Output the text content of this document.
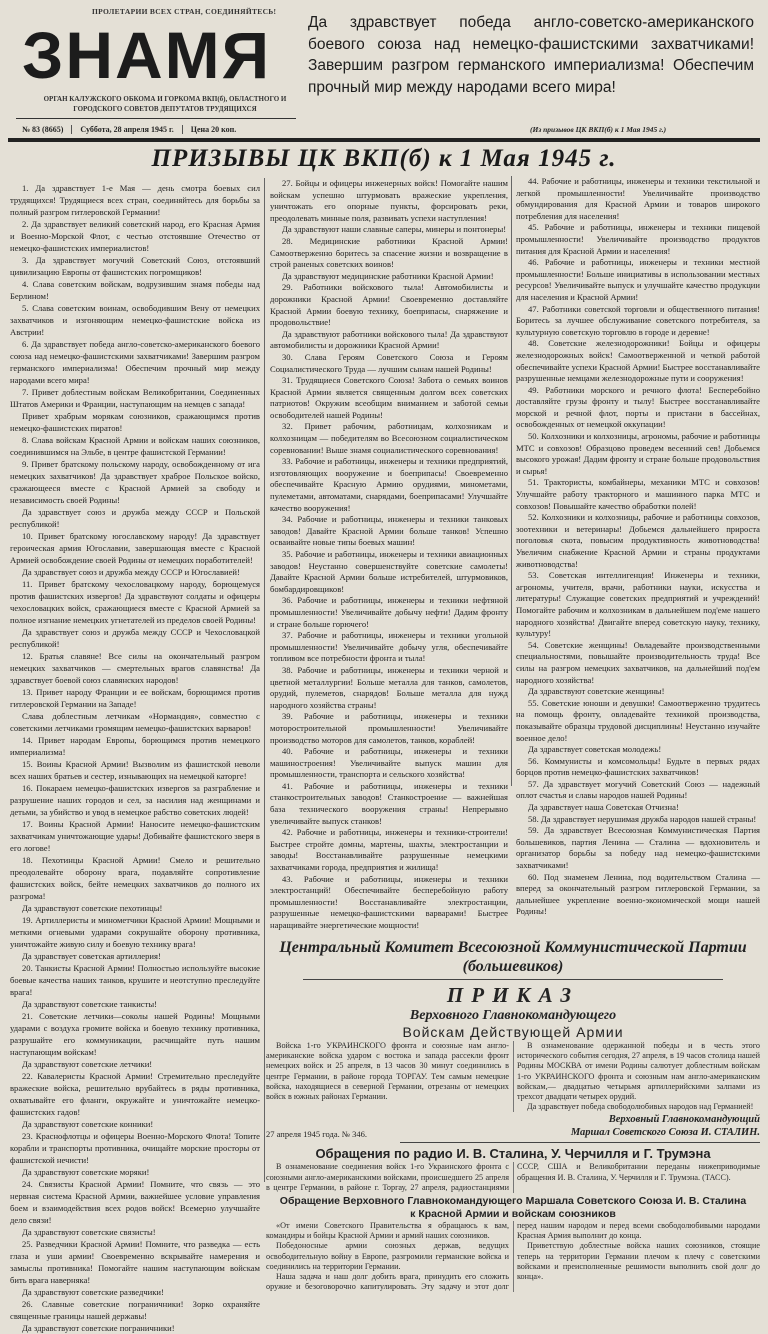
ПРОЛЕТАРИИ ВСЕХ СТРАН, СОЕДИНЯЙТЕСЬ!
ЗНАМЯ
ОРГАН КАЛУЖСКОГО ОБКОМА И ГОРКОМА ВКП(б), ОБЛАСТНОГО И ГОРОДСКОГО СОВЕТОВ ДЕПУТАТОВ ТРУДЯЩИХСЯ
№ 83 (8665)	Суббота, 28 апреля 1945 г.	Цена 20 коп.
Да здравствует победа англо-советско-американского боевого союза над немецко-фашистскими захватчиками! Завершим разгром германского империализма! Обеспечим прочный мир между народами всего мира!
(Из призывов ЦК ВКП(б) к 1 Мая 1945 г.)
ПРИЗЫВЫ ЦК ВКП(б) к 1 Мая 1945 г.

1. Да здравствует 1-е Мая — день смотра боевых сил трудящихся! Трудящиеся всех стран, соединяйтесь для борьбы за полный разгром гитлеровской Германии!

2. Да здравствует великий советский народ, его Красная Армия и Военно-Морской Флот, с честью отстоявшие Отечество от немецко-фашистских империалистов!

3. Да здравствует могучий Советский Союз, отстоявший цивилизацию Европы от фашистских погромщиков!

4. Слава советским войскам, водрузившим знамя победы над Берлином!

5. Слава советским воинам, освободившим Вену от немецких захватчиков и изгоняющим немецко-фашистские войска из Австрии!

6. Да здравствует победа англо-советско-американского боевого союза над немецко-фашистскими захватчиками! Завершим разгром германского империализма! Обеспечим прочный мир между народами всего мира!

7. Привет доблестным войскам Великобритании, Соединенных Штатов Америки и Франции, наступающим на немцев с запада!

Привет храбрым морякам союзников, сражающимся против немецко-фашистских пиратов!

8. Слава войскам Красной Армии и войскам наших союзников, соединившимся на Эльбе, в центре фашистской Германии!

9. Привет братскому польскому народу, освобожденному от ига немецких захватчиков! Да здравствует храброе Польское войско, сражающееся вместе с Красной Армией за свободу и независимость своей Родины!

Да здравствует союз и дружба между СССР и Польской республикой!

10. Привет братскому югославскому народу! Да здравствует героическая армия Югославии, завершающая вместе с Красной Армией освобождение своей Родины от немецких поработителей!

Да здравствует союз и дружба между СССР и Югославией!

11. Привет братскому чехословацкому народу, борющемуся против фашистских извергов! Да здравствуют солдаты и офицеры чехословацких войск, сражающиеся вместе с Красной Армией за полное изгнание немецких угнетателей из пределов своей Родины!

Да здравствует союз и дружба между СССР и Чехословацкой республикой!

12. Братья славяне! Все силы на окончательный разгром немецких захватчиков — смертельных врагов славянства! Да здравствует боевой союз славянских народов!

13. Привет народу Франции и ее войскам, борющимся против гитлеровской Германии на Западе!

Слава доблестным летчикам «Нормандия», совместно с советскими летчиками громящим немецко-фашистских варваров!

14. Привет народам Европы, борющимся против немецкого империализма!

15. Воины Красной Армии! Вызволим из фашистской неволи всех наших братьев и сестер, изнывающих на немецкой каторге!

16. Покараем немецко-фашистских извергов за разграбление и разрушение наших городов и сел, за насилия над женщинами и детьми, за убийство и увод в немецкое рабство советских людей!

17. Воины Красной Армии! Наносите немецко-фашистским захватчикам уничтожающие удары! Добивайте фашистского зверя в его логове!

18. Пехотинцы Красной Армии! Смело и решительно преодолевайте оборону врага, подавляйте сопротивление фашистских войск, бейте немецких захватчиков до полного их разгрома!

Да здравствуют советские пехотинцы!

19. Артиллеристы и минометчики Красной Армии! Мощными и меткими огневыми ударами сокрушайте оборону противника, уничтожайте живую силу и боевую технику врага!

Да здравствует советская артиллерия!

20. Танкисты Красной Армии! Полностью используйте высокие боевые качества наших танков, крушите и неотступно преследуйте врага!

Да здравствуют советские танкисты!

21. Советские летчики—соколы нашей Родины! Мощными ударами с воздуха громите войска и боевую технику противника, разрушайте его коммуникации, расчищайте путь нашим наступающим войскам!

Да здравствуют советские летчики!

22. Кавалеристы Красной Армии! Стремительно преследуйте вражеские войска, решительно врубайтесь в ряды противника, охватывайте его фланги, окружайте и уничтожайте немецко-фашистских гадов!

Да здравствуют советские конники!

23. Краснофлотцы и офицеры Военно-Морского Флота! Топите корабли и транспорты противника, очищайте морские просторы от фашистской нечисти!

Да здравствуют советские моряки!

24. Связисты Красной Армии! Помните, что связь — это нервная система Красной Армии, важнейшее условие управления боем и взаимодействия всех родов войск! Всемерно улучшайте дело связи!

Да здравствуют советские связисты!

25. Разведчики Красной Армии! Помните, что разведка — есть глаза и уши армии! Своевременно вскрывайте намерения и замыслы противника! Помогайте нашим наступающим войскам бить врага наверняка!

Да здравствуют советские разведчики!

26. Славные советские пограничники! Зорко охраняйте священные границы нашей державы!

Да здравствуют советские пограничники!

27. Бойцы и офицеры инженерных войск! Помогайте нашим войскам успешно штурмовать вражеские укрепления, уничтожать его опорные пункты, форсировать реки, преодолевать минные поля, развивать успехи наступления!

Да здравствуют наши славные саперы, минеры и понтонеры!

28. Медицинские работники Красной Армии! Самоотверженно боритесь за спасение жизни и возвращение в строй раненых советских воинов!

Да здравствуют медицинские работники Красной Армии!

29. Работники войскового тыла! Автомобилисты и дорожники Красной Армии! Своевременно доставляйте Красной Армии боевую технику, боеприпасы, снаряжение и продовольствие!

Да здравствуют работники войскового тыла! Да здравствуют автомобилисты и дорожники Красной Армии!

30. Слава Героям Советского Союза и Героям Социалистического Труда — лучшим сынам нашей Родины!

31. Трудящиеся Советского Союза! Забота о семьях воинов Красной Армии является священным долгом всех советских патриотов! Окружим всеобщим вниманием и заботой семьи освободителей нашей Родины!

32. Привет рабочим, работницам, колхозникам и колхозницам — победителям во Всесоюзном социалистическом соревновании! Выше знамя социалистического соревнования!

33. Рабочие и работницы, инженеры и техники предприятий, изготовляющих вооружение и боеприпасы! Своевременно обеспечивайте Красную Армию орудиями, минометами, пулеметами, автоматами, снарядами, боеприпасами! Улучшайте качество вооружения!

34. Рабочие и работницы, инженеры и техники танковых заводов! Давайте Красной Армии больше танков! Успешно осваивайте новые типы боевых машин!

35. Рабочие и работницы, инженеры и техники авиационных заводов! Неустанно совершенствуйте советские самолеты! Давайте Красной Армии больше истребителей, штурмовиков, бомбардировщиков!

36. Рабочие и работницы, инженеры и техники нефтяной промышленности! Увеличивайте добычу нефти! Дадим фронту и стране больше горючего!

37. Рабочие и работницы, инженеры и техники угольной промышленности! Увеличивайте добычу угля, обеспечивайте топливом все потребности фронта и тыла!

38. Рабочие и работницы, инженеры и техники черной и цветной металлургии! Больше металла для танков, самолетов, орудий, пулеметов, снарядов! Больше металла для нужд народного хозяйства страны!

39. Рабочие и работницы, инженеры и техники моторостроительной промышленности! Увеличивайте производство моторов для самолетов, танков, кораблей!

40. Рабочие и работницы, инженеры и техники машиностроения! Увеличивайте выпуск машин для промышленности, транспорта и сельского хозяйства!

41. Рабочие и работницы, инженеры и техники станкостроительных заводов! Станкостроение — важнейшая база технического вооружения страны! Непрерывно увеличивайте выпуск станков!

42. Рабочие и работницы, инженеры и техники-строители! Быстрее стройте домны, мартены, шахты, электростанции и заводы! Восстанавливайте разрушенные немецкими захватчиками города, предприятия и жилища!

43. Рабочие и работницы, инженеры и техники электростанций! Обеспечивайте бесперебойную работу промышленности! Восстанавливайте электростанции, разрушенные немецко-фашистскими варварами! Быстрее наращивайте энергетические мощности!

44. Рабочие и работницы, инженеры и техники текстильной и легкой промышленности! Увеличивайте производство обмундирования для Красной Армии и товаров широкого потребления для населения!

45. Рабочие и работницы, инженеры и техники пищевой промышленности! Увеличивайте производство продуктов питания для Красной Армии и населения!

46. Рабочие и работницы, инженеры и техники местной промышленности! Больше инициативы в использовании местных ресурсов! Увеличивайте выпуск и улучшайте качество продукции для населения и Красной Армии!

47. Работники советской торговли и общественного питания! Боритесь за лучшее обслуживание советского потребителя, за культурную советскую торговлю в городе и деревне!

48. Советские железнодорожники! Бойцы и офицеры железнодорожных войск! Самоотверженной и четкой работой обеспечивайте успехи Красной Армии! Быстрее восстанавливайте разрушенные немцами железнодорожные пути и сооружения!

49. Работники морского и речного флота! Бесперебойно доставляйте грузы фронту и тылу! Быстрее восстанавливайте морской и речной флот, порты и пристани в бассейнах, освобожденных от немецкой оккупации!

50. Колхозники и колхозницы, агрономы, рабочие и работницы МТС и совхозов! Образцово проведем весенний сев! Добьемся высокого урожая! Дадим фронту и стране больше продовольствия и сырья!

51. Трактористы, комбайнеры, механики МТС и совхозов! Улучшайте работу тракторного и машинного парка МТС и совхозов! Повышайте качество обработки полей!

52. Колхозники и колхозницы, рабочие и работницы совхозов, зоотехники и ветеринары! Добьемся дальнейшего прироста поголовья скота, повысим продуктивность животноводства! Увеличим снабжение Красной Армии и страны продуктами животноводства!

53. Советская интеллигенция! Инженеры и техники, агрономы, учителя, врачи, работники науки, искусства и литературы! Служащие советских предприятий и учреждений! Помогайте рабочим и колхозникам в дальнейшем под'еме нашего народного хозяйства! Двигайте вперед советскую науку, технику, культуру!

54. Советские женщины! Овладевайте производственными специальностями, повышайте производительность труда! Все силы на разгром немецких захватчиков, на дальнейший под'ем народного хозяйства!

Да здравствуют советские женщины!

55. Советские юноши и девушки! Самоотверженно трудитесь на помощь фронту, овладевайте техникой производства, показывайте образцы трудовой дисциплины! Неустанно изучайте военное дело!

Да здравствует советская молодежь!

56. Коммунисты и комсомольцы! Будьте в первых рядах борцов против немецко-фашистских захватчиков!

57. Да здравствует могучий Советский Союз — надежный оплот счастья и славы народов нашей Родины!

Да здравствует наша Советская Отчизна!

58. Да здравствует нерушимая дружба народов нашей страны!

59. Да здравствует Всесоюзная Коммунистическая Партия большевиков, партия Ленина — Сталина — вдохновитель и организатор борьбы за победу над немецко-фашистскими захватчиками!

60. Под знаменем Ленина, под водительством Сталина — вперед за окончательный разгром гитлеровской Германии, за дальнейшее укрепление военно-экономической мощи нашей Родины!

Центральный Комитет Всесоюзной Коммунистической Партии (большевиков)
ПРИКАЗ
Верховного Главнокомандующего
Войскам Действующей Армии

Войска 1-го УКРАИНСКОГО фронта и союзные нам англо-американские войска ударом с востока и запада рассекли фронт немецких войск и 25 апреля, в 13 часов 30 минут соединились в центре Германии, в районе города ТОРГАУ. Тем самым немецкие войска, находящиеся в северной Германии, отрезаны от немецких войск в южных районах Германии.

В ознаменование одержанной победы и в честь этого исторического события сегодня, 27 апреля, в 19 часов столица нашей Родины МОСКВА от имени Родины салютует доблестным войскам 1-го УКРАИНСКОГО фронта и союзным нам англо-американским войскам,— двадцатью четырьмя артиллерийскими залпами из трехсот двадцати четырех орудий.

Да здравствует победа свободолюбивых народов над Германией!

27 апреля 1945 года. № 346.
Верховный Главнокомандующий
Маршал Советского Союза И. СТАЛИН.
Обращения по радио И. В. Сталина, У. Черчилля и Г. Трумэна

В ознаменование соединения войск 1-го Украинского фронта с союзными англо-американскими войсками, происшедшего 25 апреля в центре Германии, в районе г. Торгау, 27 апреля, радиостанциями СССР, США и Великобритании переданы нижеприводимые обращения И. В. Сталина, У. Черчилля и Г. Трумэна. (ТАСС).

Обращение Верховного Главнокомандующего Маршала Советского Союза И. В. Сталина
к Красной Армии и войскам союзников

«От имени Советского Правительства я обращаюсь к вам, командиры и бойцы Красной Армии и армий наших союзников.

Победоносные армии союзных держав, ведущих освободительную войну в Европе, разгромили германские войска и соединились на территории Германии.

Наша задача и наш долг добить врага, принудить его сложить оружие и безоговорочно капитулировать. Эту задачу и этот долг перед нашим народом и перед всеми свободолюбивыми народами Красная Армия выполнит до конца.

Приветствую доблестные войска наших союзников, стоящие теперь на территории Германии плечом к плечу с советскими войсками и преисполненные решимости выполнить свой долг до конца».
